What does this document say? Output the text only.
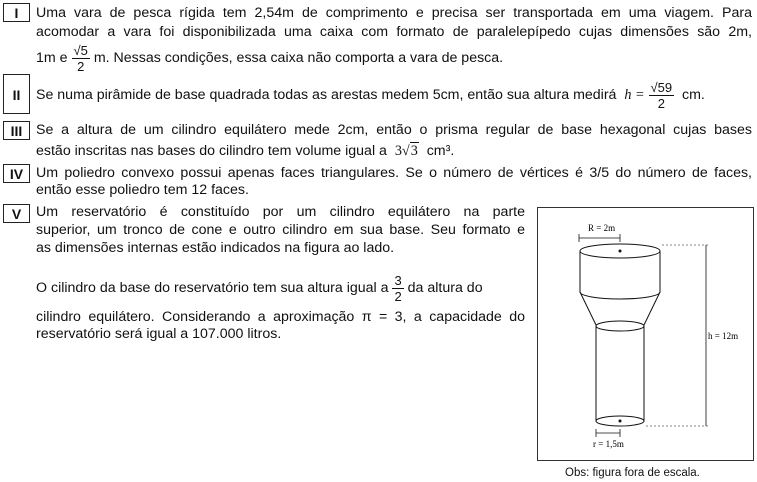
I	Uma vara de pesca rígida tem 2,54m de comprimento e precisa ser transportada em uma viagem. Para
acomodar a vara foi disponibilizada uma caixa com formato de paralelepípedo cujas dimensões são 2m,
1m e $\frac{√5}{2} m$. Nessas condições, essa caixa não comporta a vara de pesca.
II	Se numa pirâmide de base quadrada todas as arestas medem 5cm, então sua altura medirá $h = \frac{√59}{2}$ cm.
III Se a altura de um cilindro equilátero mede 2cm, então o prisma regular de base hexagonal cujas bases
estão inscritas nas bases do cilindro tem volume igual a 3√3 cm³.
IV Um poliedro convexo possui apenas faces triangulares. Se o número de vértices é 3/5 do número de faces,
então esse poliedro tem 12 faces.
V	Um reservatório é constituído por um cilindro equilátero na parte
superior, um tronco de cone e outro cilindro em sua base. Seu formato e
as dimensões internas estão indicados na figura ao lado.
O cilindro da base do reservatório tem sua altura igual a $\frac{3}{2}$ da altura do
cilindro equilátero. Considerando a aproximação π = 3, a capacidade do
reservatório será igual a 107.000 litros.
R = 2m
h = 12m
r = 1,5m
Obs: figura fora de escala.
